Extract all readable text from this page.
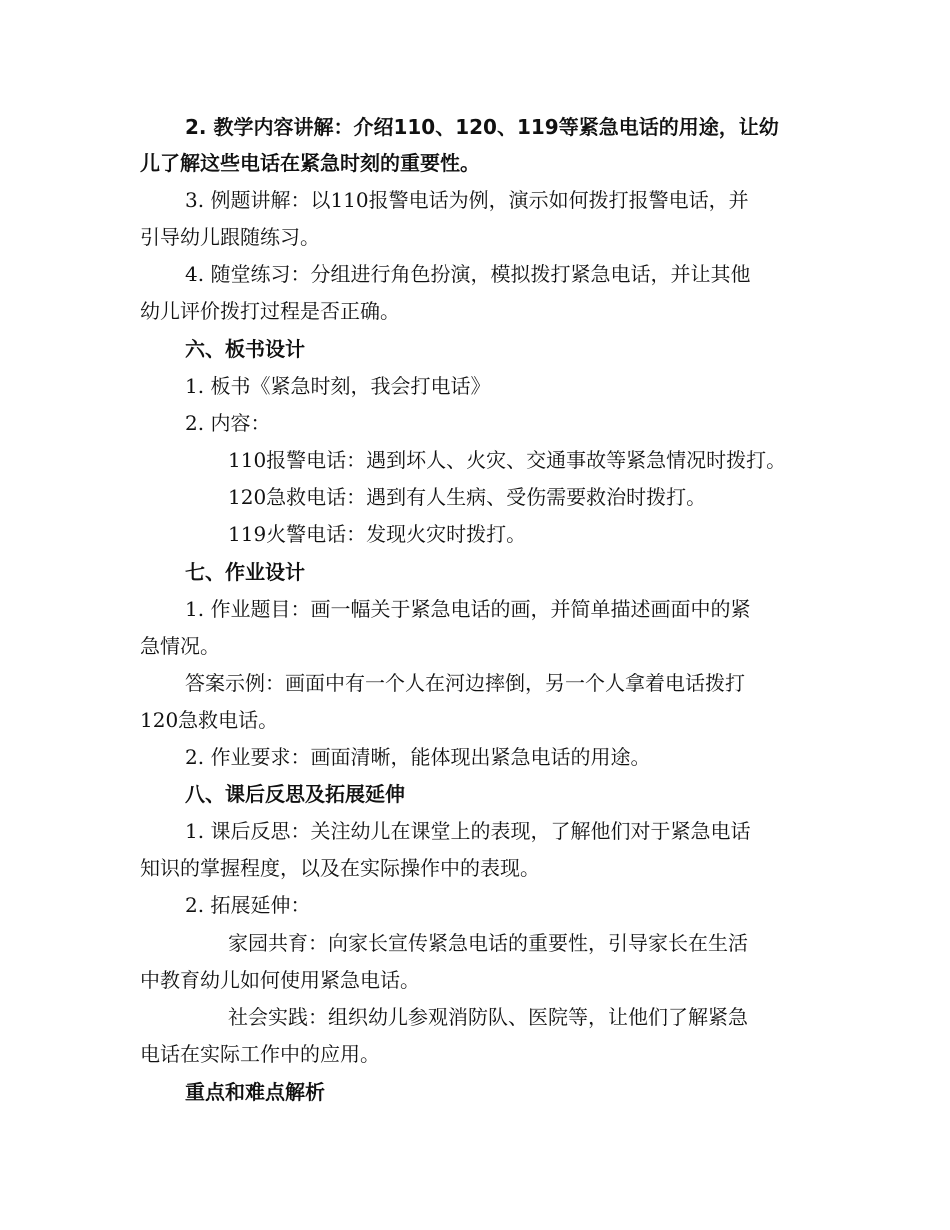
2. 教学内容讲解：介绍110、120、119等紧急电话的用途，让幼
儿了解这些电话在紧急时刻的重要性。
3. 例题讲解：以110报警电话为例，演示如何拨打报警电话，并
引导幼儿跟随练习。
4. 随堂练习：分组进行角色扮演，模拟拨打紧急电话，并让其他
幼儿评价拨打过程是否正确。
六、板书设计
1. 板书《紧急时刻，我会打电话》
2. 内容：
110报警电话：遇到坏人、火灾、交通事故等紧急情况时拨打。
120急救电话：遇到有人生病、受伤需要救治时拨打。
119火警电话：发现火灾时拨打。
七、作业设计
1. 作业题目：画一幅关于紧急电话的画，并简单描述画面中的紧
急情况。
答案示例：画面中有一个人在河边摔倒，另一个人拿着电话拨打
120急救电话。
2. 作业要求：画面清晰，能体现出紧急电话的用途。
八、课后反思及拓展延伸
1. 课后反思：关注幼儿在课堂上的表现，了解他们对于紧急电话
知识的掌握程度，以及在实际操作中的表现。
2. 拓展延伸：
家园共育：向家长宣传紧急电话的重要性，引导家长在生活
中教育幼儿如何使用紧急电话。
社会实践：组织幼儿参观消防队、医院等，让他们了解紧急
电话在实际工作中的应用。
重点和难点解析
